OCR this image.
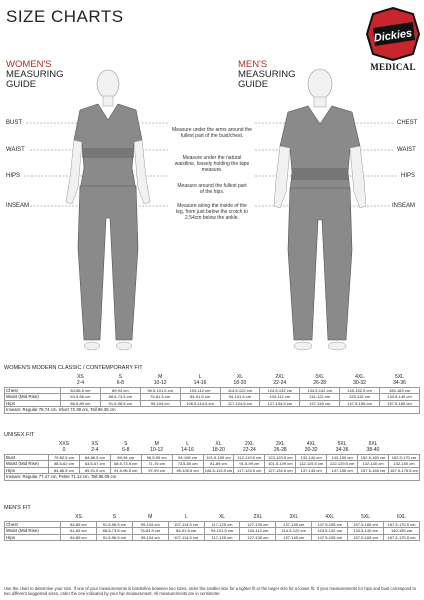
SIZE CHARTS
Dickies
MEDICAL
WOMEN'S
MEASURING
GUIDE
MEN'S
MEASURING
GUIDE
BUST
WAIST
HIPS
INSEAM
CHEST
WAIST
HIPS
INSEAM
Measure under the arms around the fullest part of the bust/chest.
Measure under the natural waistline, loosely holding the tape measure.
Measure around the fullest part of the hips.
Measure along the inside of the leg, from just below the crotch to 2.54cm below the ankle.
WOMEN'S MODERN CLASSIC / CONTEMPORARY FIT
	XS	S	M	L	XL	2XL	3XL	4XL	5XL
	2-4	6-8	10-12	14-16	18-20	22-24	26-28	30-32	34-36
Chest	84-86.5 cm	89-94 cm	96.5-101.5 cm	104-112 cm	114.5-122 cm	124.5-132 cm	134.5-142 cm	145-152.5 cm	155-163 cm
Waist (Mid Rise)	63.5-66 cm	68.5-73.5 cm	76-81.5 cm	84-91.5 cm	94-101.5 cm	104-112 cm	114-122 cm	125-132 cm	134.5-145 cm
Hips	86.5-89 cm	91.5-96.5 cm	99-104 cm	106.5-114.5 cm	117-124.5 cm	127-134.5 cm	137-145 cm	147.5-155 cm	157.5-165 cm
Inseam: Regular 78.74 cm, Short 72.39 cm, Tall 86.36 cm									
UNISEX FIT
	XXS	XS	S	M	L	XL	2XL	3XL	4XL	5XL	6XL	
	0	2-4	6-8	10-12	14-16	18-20	22-24	26-28	30-32	34-36	38-40	
Bust	79-82.5 cm	84-86.5 cm	89-94 cm	96.5-99 cm	94-108 cm	101.5-109 cm	112-119.5 cm	123-129.5 cm	132-140 cm	142-150 cm	152.5-160 cm	162.5-170 cm
Waist (Mid Rise)	58.5-62 cm	63.5-67 cm	68.5-73.5 cm	71-76 cm	73.5-80 cm	81-89 cm	91.5-99 cm	101.5-109 cm	112-119.5 cm	122-129.5 cm	132-140 cm	142-150 cm
Hips	84-86.5 cm	89-91.5 cm	91.5-96.5 cm	97-99 cm	99-105.5 cm	106.5-113.5 cm	117-124.5 cm	127-134.5 cm	137-145 cm	147-156 cm	157.5-166 cm	167.5-176.5 cm
Inseam: Regular 77.47 cm, Petite 71.12 cm, Tall 85.09 cm												
MEN'S FIT
	XS	S	M	L	XL	2XL	3XL	4XL	5XL	6XL
Chest	84-89 cm	91.5-96.5 cm	99-104 cm	107-114.5 cm	117-125 cm	127-135 cm	137-145 cm	147.5-155 cm	157.5-165 cm	167.5-175.5 cm
Waist (Mid Rise)	61-66 cm	68.5-73.5 cm	76-81.5 cm	84-91.5 cm	94-101.5 cm	104-112 cm	114.5-122 cm	124.5-132 cm	134.5-140 cm	140-155 cm
Hips	84-89 cm	91.5-96.5 cm	99-104 cm	107-114.5 cm	117-125 cm	127-135 cm	137-145 cm	147.5-155 cm	157.5-165 cm	167.5-175.5 cm
Use the chart to determine your size. If one of your measurements is borderline between two sizes, order the smaller size for a tighter fit or the larger size for a looser fit. If your measurements for hips and bust correspond to two different suggested sizes, order the one indicated by your hip measurement. All measurements are in centimeter.
